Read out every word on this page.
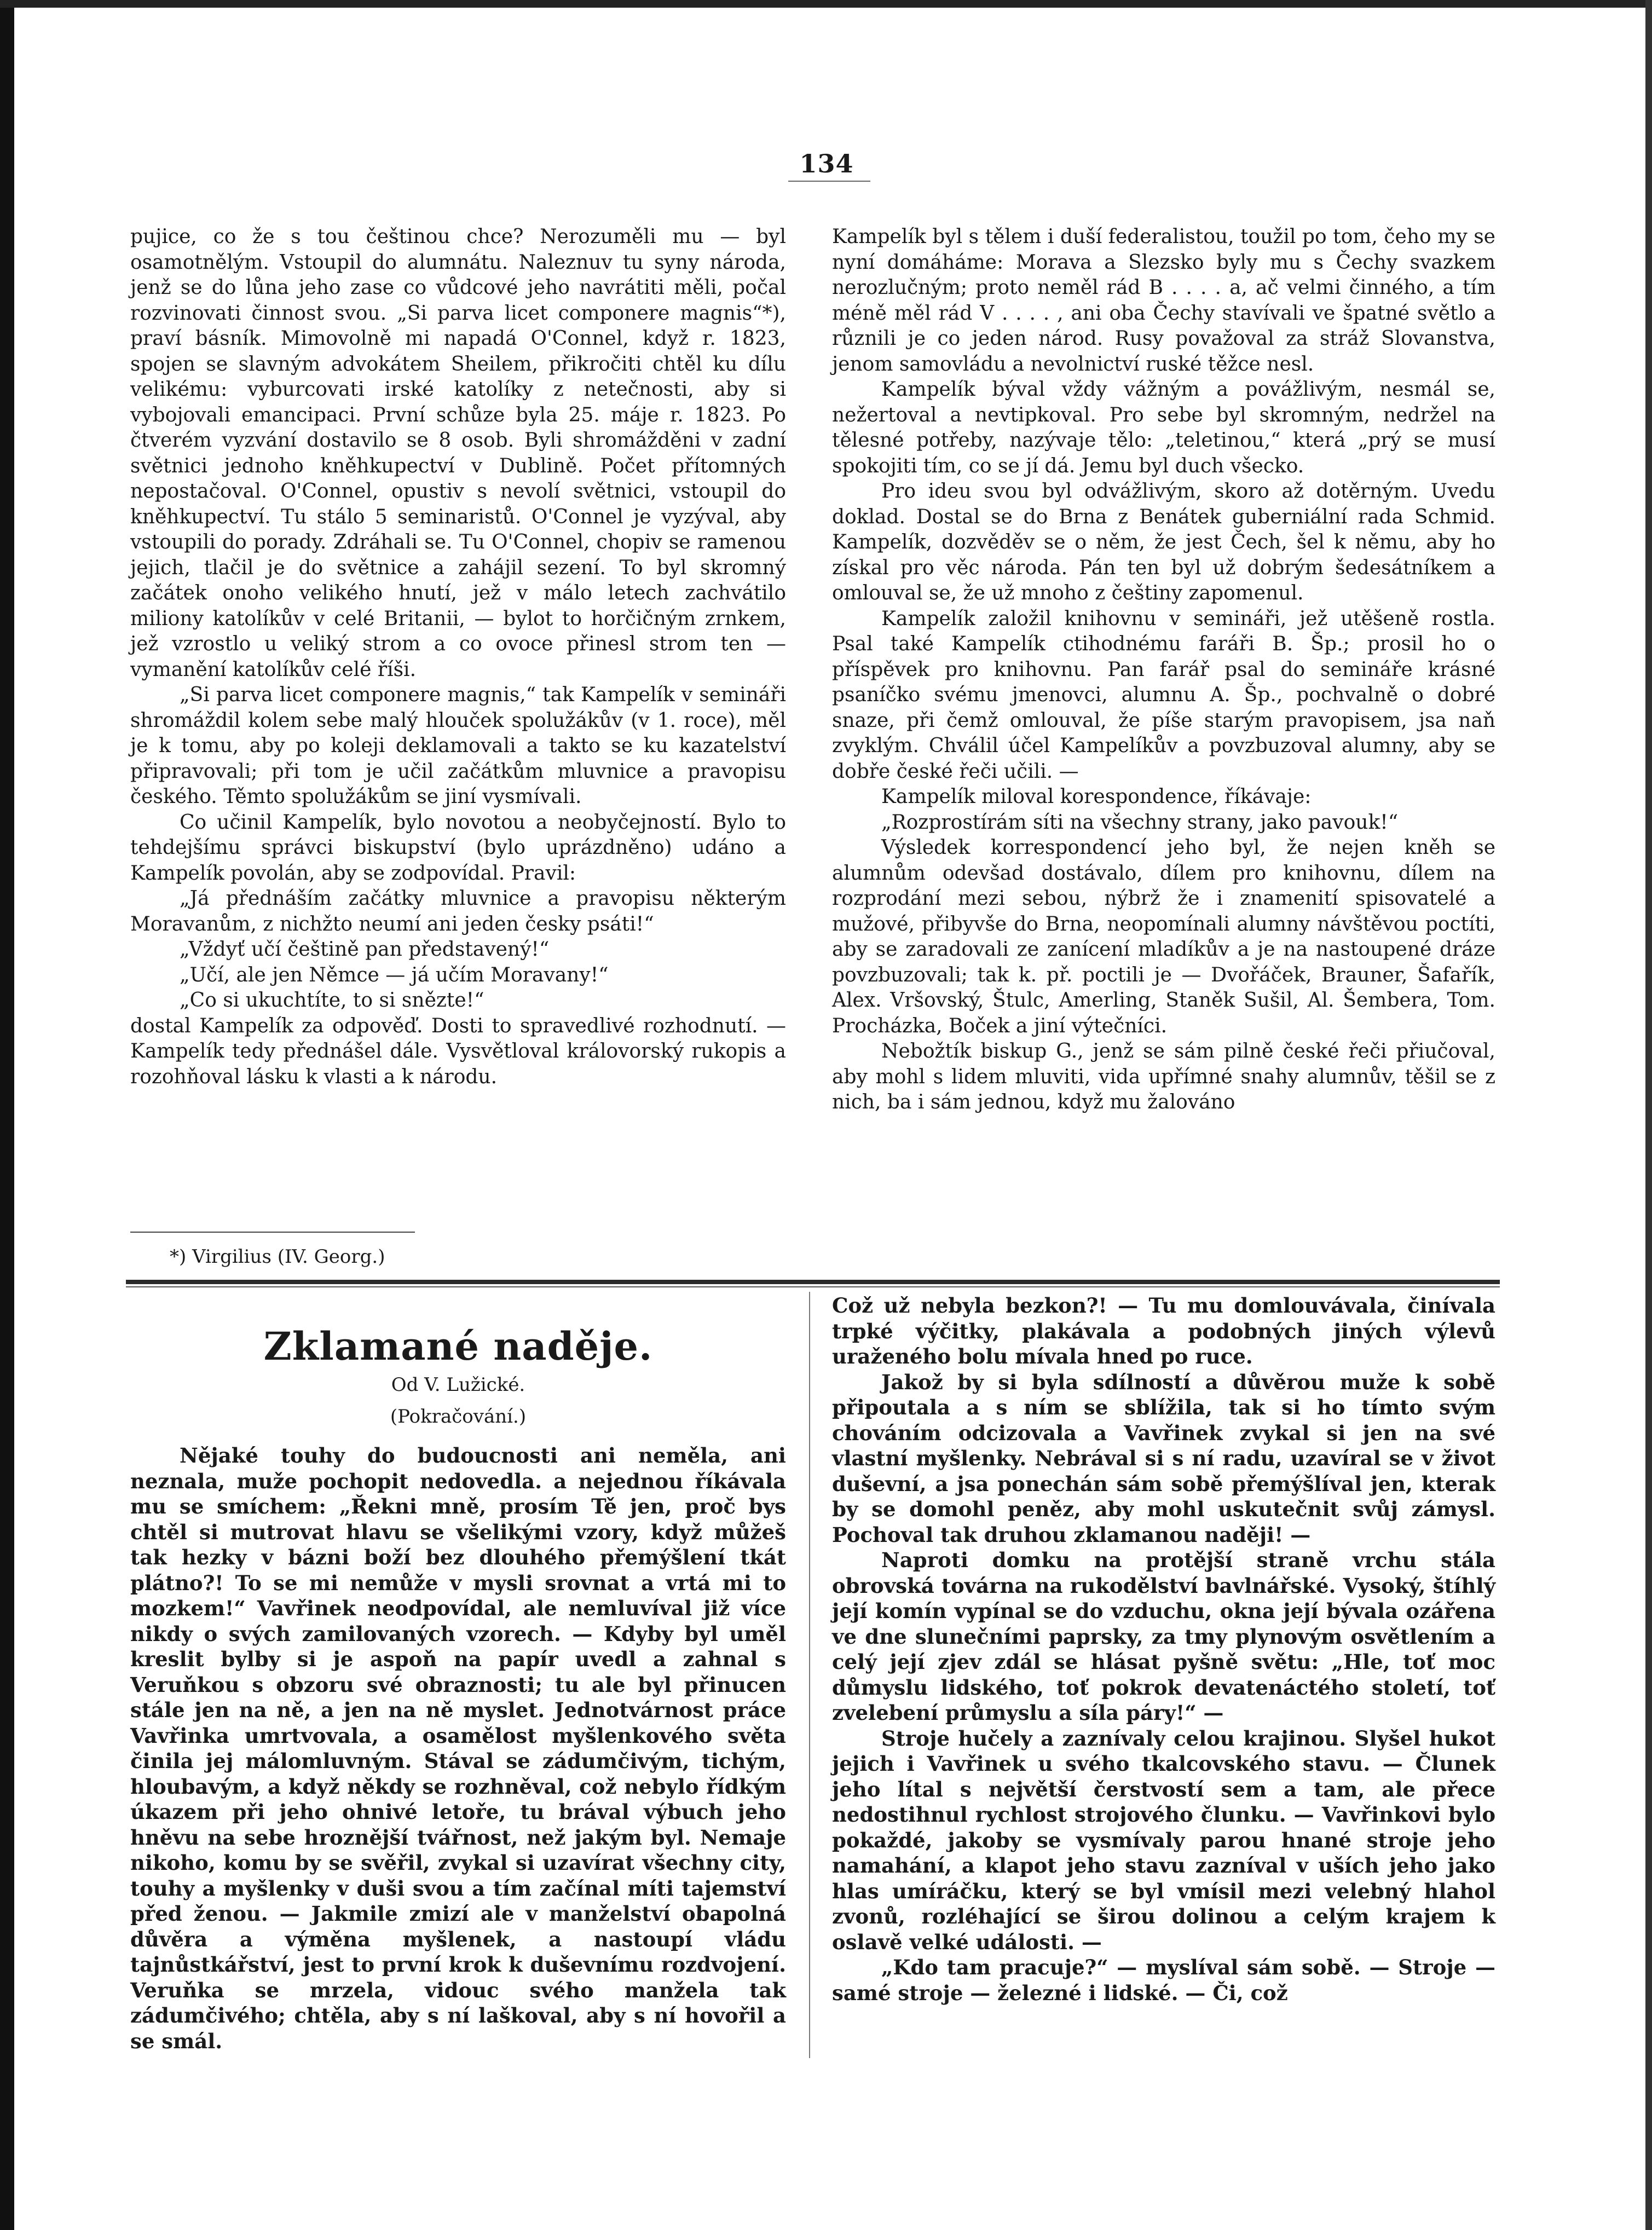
134

pujice, co že s tou češtinou chce? Nerozuměli mu — byl osamotnělým. Vstoupil do alumnátu. Naleznuv tu syny národa, jenž se do lůna jeho zase co vůdcové jeho navrátiti měli, počal rozvinovati činnost svou. „Si parva licet componere magnis“*), praví básník. Mimovolně mi napadá O'Connel, když r. 1823, spojen se slavným advokátem Sheilem, přikročiti chtěl ku dílu velikému: vyburcovati irské katolíky z netečnosti, aby si vybojovali emancipaci. První schůze byla 25. máje r. 1823. Po čtverém vyzvání dostavilo se 8 osob. Byli shromážděni v zadní světnici jednoho kněhkupectví v Dublině. Počet přítomných nepostačoval. O'Connel, opustiv s nevolí světnici, vstoupil do kněhkupectví. Tu stálo 5 seminaristů. O'Connel je vyzýval, aby vstoupili do porady. Zdráhali se. Tu O'Connel, chopiv se ramenou jejich, tlačil je do světnice a zahájil sezení. To byl skromný začátek onoho velikého hnutí, jež v málo letech zachvátilo miliony katolíkův v celé Britanii, — bylot to horčičným zrnkem, jež vzrostlo u veliký strom a co ovoce přinesl strom ten — vymanění katolíkův celé říši.

„Si parva licet componere magnis,“ tak Kampelík v semináři shromáždil kolem sebe malý hlouček spolužákův (v 1. roce), měl je k tomu, aby po koleji deklamovali a takto se ku kazatelství připravovali; při tom je učil začátkům mluvnice a pravopisu českého. Těmto spolužákům se jiní vysmívali.

Co učinil Kampelík, bylo novotou a neobyčejností. Bylo to tehdejšímu správci biskupství (bylo uprázdněno) udáno a Kampelík povolán, aby se zodpovídal. Pravil:

„Já přednáším začátky mluvnice a pravopisu některým Moravanům, z nichžto neumí ani jeden česky psáti!“

„Vždyť učí češtině pan představený!“

„Učí, ale jen Němce — já učím Moravany!“

„Co si ukuchtíte, to si snězte!“

dostal Kampelík za odpověď. Dosti to spravedlivé rozhodnutí. — Kampelík tedy přednášel dále. Vysvětloval královorský rukopis a rozohňoval lásku k vlasti a k národu.

*) Virgilius (IV. Georg.)

Kampelík byl s tělem i duší federalistou, toužil po tom, čeho my se nyní domáháme: Morava a Slezsko byly mu s Čechy svazkem nerozlučným; proto neměl rád B . . . . a, ač velmi činného, a tím méně měl rád V . . . . , ani oba Čechy stavívali ve špatné světlo a různili je co jeden národ. Rusy považoval za stráž Slovanstva, jenom samovládu a nevolnictví ruské těžce nesl.

Kampelík býval vždy vážným a povážlivým, nesmál se, nežertoval a nevtipkoval. Pro sebe byl skromným, nedržel na tělesné potřeby, nazývaje tělo: „teletinou,“ která „prý se musí spokojiti tím, co se jí dá. Jemu byl duch všecko.

Pro ideu svou byl odvážlivým, skoro až dotěrným. Uvedu doklad. Dostal se do Brna z Benátek guberniální rada Schmid. Kampelík, dozvěděv se o něm, že jest Čech, šel k němu, aby ho získal pro věc národa. Pán ten byl už dobrým šedesátníkem a omlouval se, že už mnoho z češtiny zapomenul.

Kampelík založil knihovnu v semináři, jež utěšeně rostla. Psal také Kampelík ctihodnému faráři B. Šp.; prosil ho o příspěvek pro knihovnu. Pan farář psal do semináře krásné psaníčko svému jmenovci, alumnu A. Šp., pochvalně o dobré snaze, při čemž omlouval, že píše starým pravopisem, jsa naň zvyklým. Chválil účel Kampelíkův a povzbuzoval alumny, aby se dobře české řeči učili. —

Kampelík miloval korespondence, říkávaje:

„Rozprostírám síti na všechny strany, jako pavouk!“

Výsledek korrespondencí jeho byl, že nejen kněh se alumnům odevšad dostávalo, dílem pro knihovnu, dílem na rozprodání mezi sebou, nýbrž že i znamenití spisovatelé a mužové, přibyvše do Brna, neopomínali alumny návštěvou poctíti, aby se zaradovali ze zanícení mladíkův a je na nastoupené dráze povzbuzovali; tak k. př. poctili je — Dvořáček, Brauner, Šafařík, Alex. Vršovský, Štulc, Amerling, Staněk Sušil, Al. Šembera, Tom. Procházka, Boček a jiní výtečníci.

Nebožtík biskup G., jenž se sám pilně české řeči přiučoval, aby mohl s lidem mluviti, vida upřímné snahy alumnův, těšil se z nich, ba i sám jednou, když mu žalováno

Zklamané naděje.
Od V. Lužické.
(Pokračování.)

Nějaké touhy do budoucnosti ani neměla, ani neznala, muže pochopit nedovedla. a nejednou říkávala mu se smíchem: „Řekni mně, prosím Tě jen, proč bys chtěl si mutrovat hlavu se všelikými vzory, když můžeš tak hezky v bázni boží bez dlouhého přemýšlení tkát plátno?! To se mi nemůže v mysli srovnat a vrtá mi to mozkem!“ Vavřinek neodpovídal, ale nemluvíval již více nikdy o svých zamilovaných vzorech. — Kdyby byl uměl kreslit bylby si je aspoň na papír uvedl a zahnal s Veruňkou s obzoru své obraznosti; tu ale byl přinucen stále jen na ně, a jen na ně myslet. Jednotvárnost práce Vavřinka umrtvovala, a osamělost myšlenkového světa činila jej málomluvným. Stával se zádumčivým, tichým, hloubavým, a když někdy se rozhněval, což nebylo řídkým úkazem při jeho ohnivé letoře, tu brával výbuch jeho hněvu na sebe hroznější tvářnost, než jakým byl. Nemaje nikoho, komu by se svěřil, zvykal si uzavírat všechny city, touhy a myšlenky v duši svou a tím začínal míti tajemství před ženou. — Jakmile zmizí ale v manželství obapolná důvěra a výměna myšlenek, a nastoupí vládu tajnůstkářství, jest to první krok k duševnímu rozdvojení. Veruňka se mrzela, vidouc svého manžela tak zádumčivého; chtěla, aby s ní laškoval, aby s ní hovořil a se smál.

Což už nebyla bezkon?! — Tu mu domlouvávala, činívala trpké výčitky, plakávala a podobných jiných výlevů uraženého bolu mívala hned po ruce.

Jakož by si byla sdílností a důvěrou muže k sobě připoutala a s ním se sblížila, tak si ho tímto svým chováním odcizovala a Vavřinek zvykal si jen na své vlastní myšlenky. Nebrával si s ní radu, uzavíral se v život duševní, a jsa ponechán sám sobě přemýšlíval jen, kterak by se domohl peněz, aby mohl uskutečnit svůj zámysl. Pochoval tak druhou zklamanou naději! —

Naproti domku na protější straně vrchu stála obrovská továrna na rukodělství bavlnářské. Vysoký, štíhlý její komín vypínal se do vzduchu, okna její bývala ozářena ve dne slunečními paprsky, za tmy plynovým osvětlením a celý její zjev zdál se hlásat pyšně světu: „Hle, toť moc důmyslu lidského, toť pokrok devatenáctého století, toť zvelebení průmyslu a síla páry!“ —

Stroje hučely a zaznívaly celou krajinou. Slyšel hukot jejich i Vavřinek u svého tkalcovského stavu. — Člunek jeho lítal s největší čerstvostí sem a tam, ale přece nedostihnul rychlost strojového člunku. — Vavřinkovi bylo pokaždé, jakoby se vysmívaly parou hnané stroje jeho namahání, a klapot jeho stavu zazníval v uších jeho jako hlas umíráčku, který se byl vmísil mezi velebný hlahol zvonů, rozléhající se širou dolinou a celým krajem k oslavě velké události. —

„Kdo tam pracuje?“ — myslíval sám sobě. — Stroje — samé stroje — železné i lidské. — Či, což
